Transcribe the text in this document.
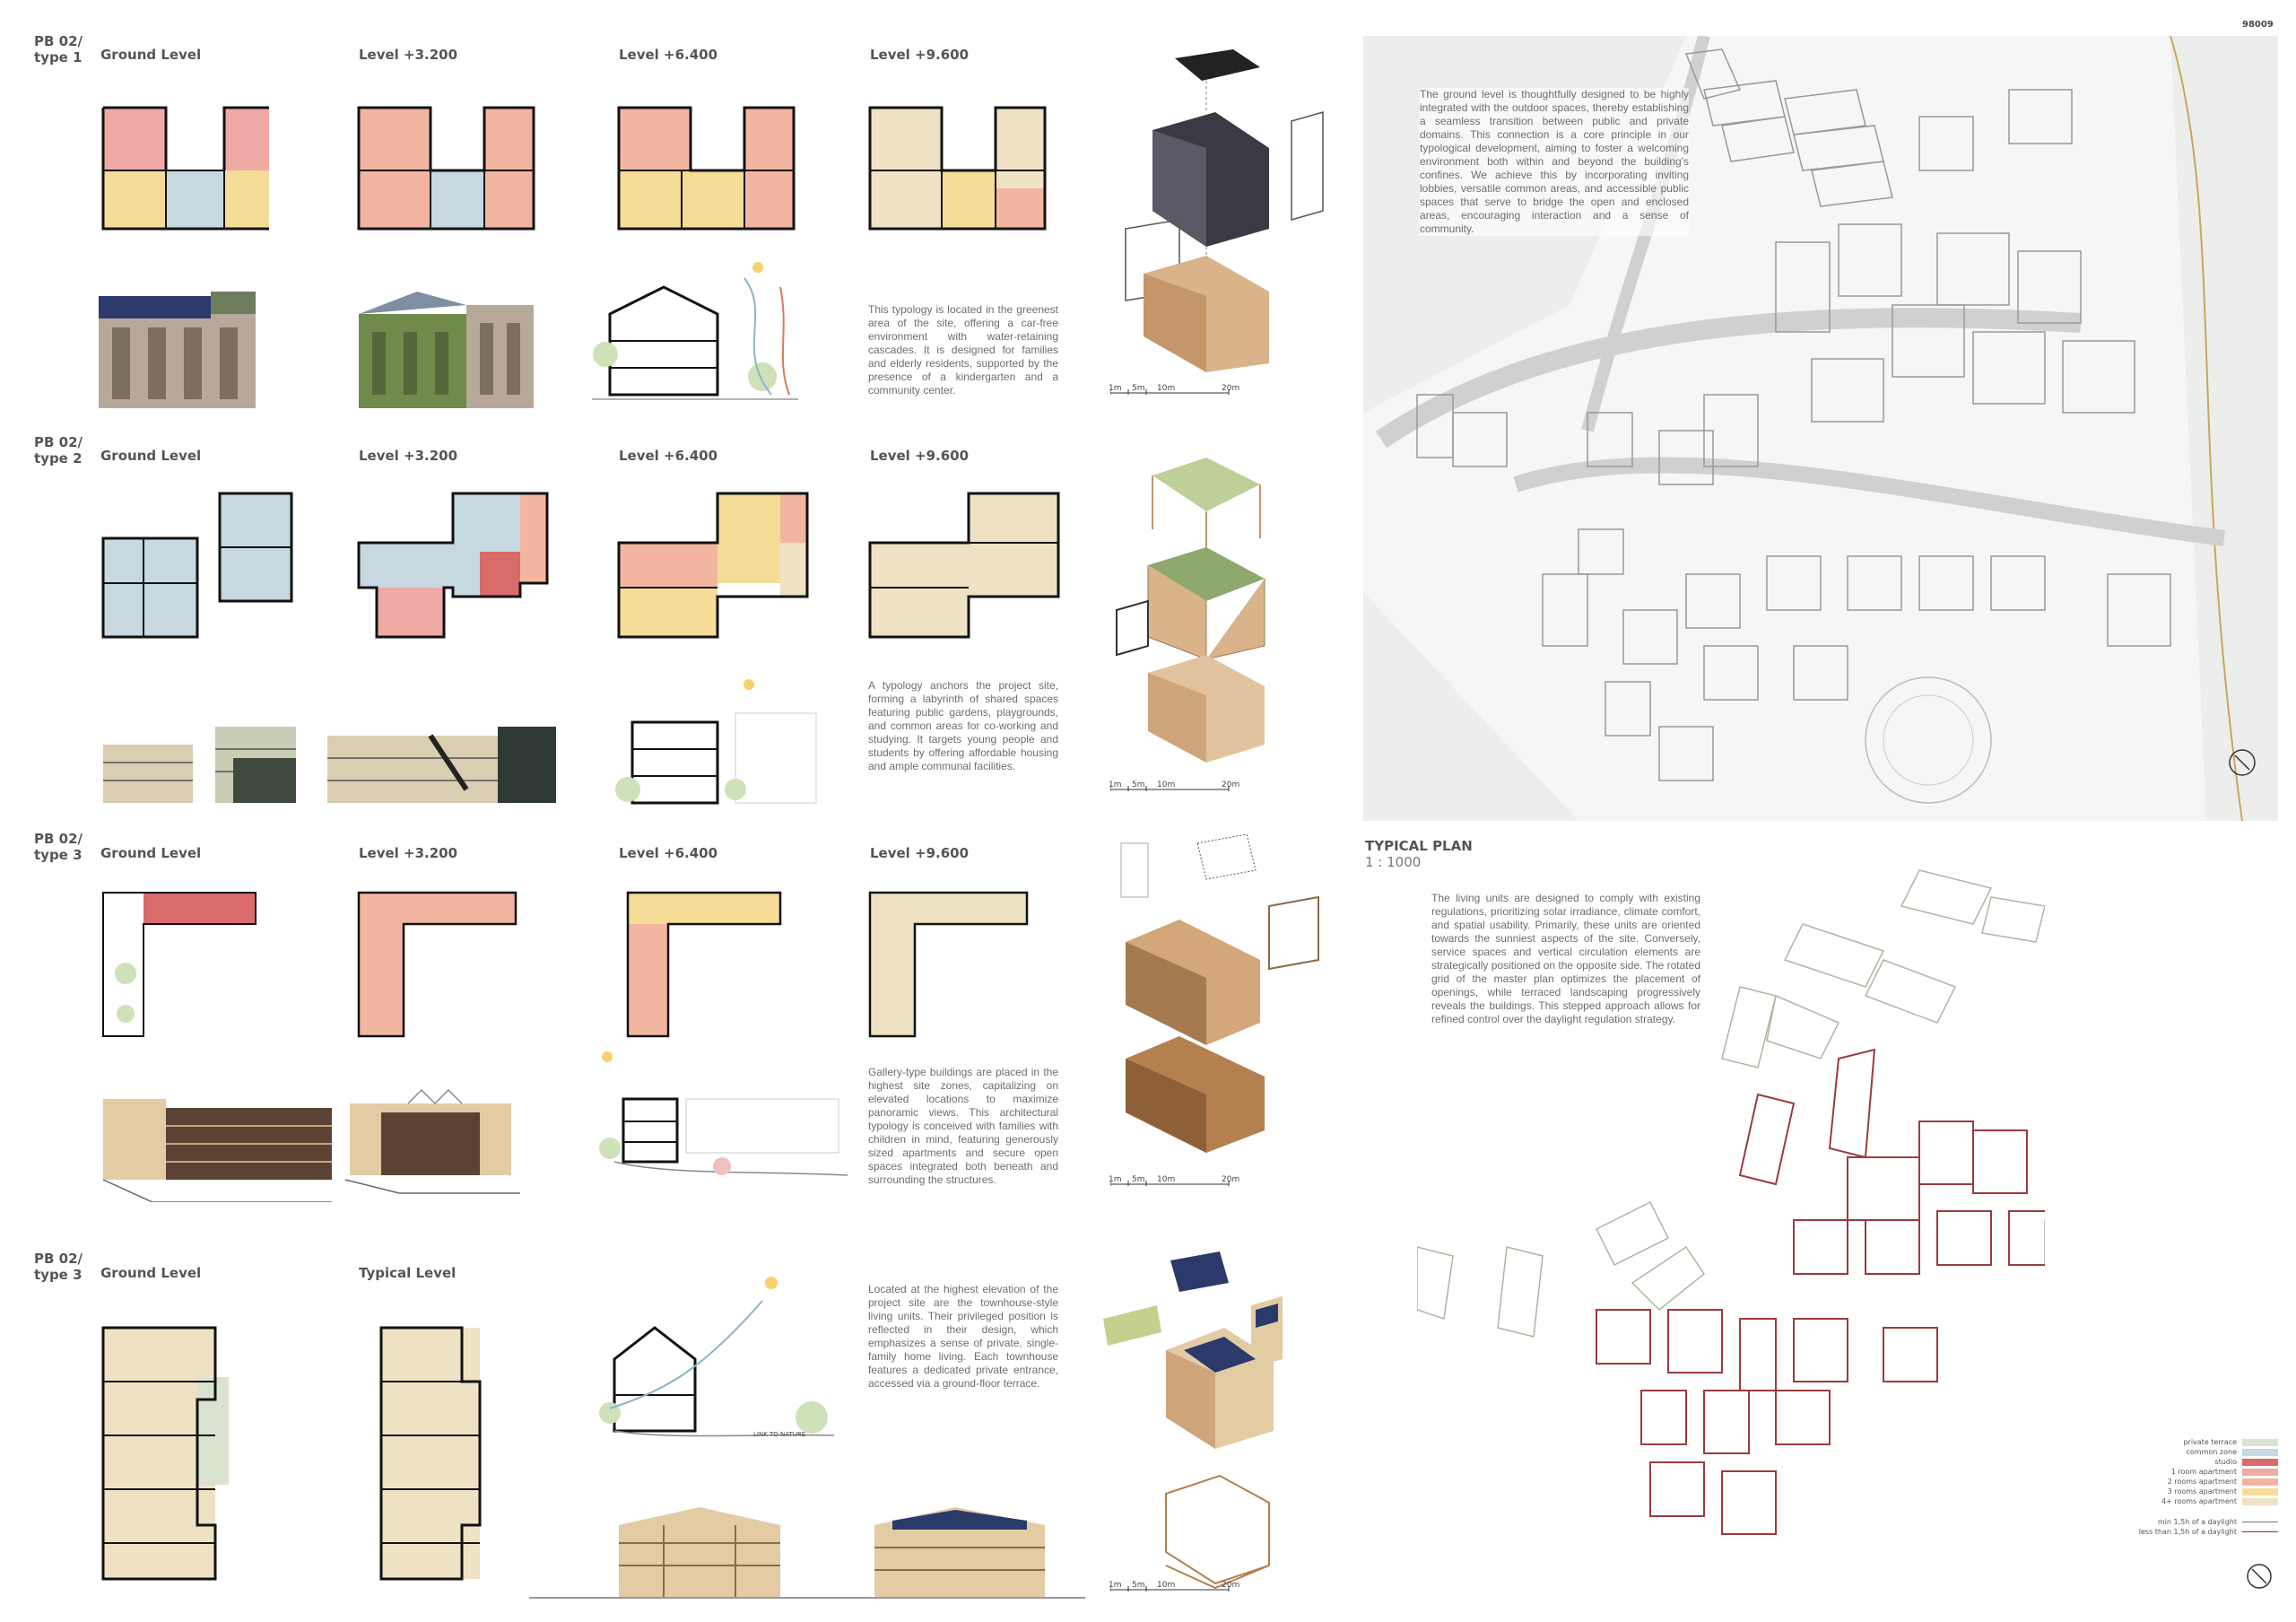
98009
PB 02/
type 1 Ground Level	Level +3.200	Level +6.400	Level +9.600
This typology is located in the greenest area of the site, offering a car-free environment with water-retaining cascades. It is designed for families and elderly residents, supported by the presence of a kindergarten and a community center.	1m 5m 10m	20m
PB 02/
type 2 Ground Level	Level +3.200	Level +6.400	Level +9.600
A typology anchors the project site, forming a labyrinth of shared spaces featuring public gardens, playgrounds, and common areas for co-working and studying. It targets young people and students by offering affordable housing and ample communal facilities.
1m 5m 10m	20m
PB 02/
type 3 Ground Level	Level +3.200	Level +6.400	Level +9.600
Gallery-type buildings are placed in the highest site zones, capitalizing on elevated locations to maximize panoramic views. This architectural typology is conceived with families with children in mind, featuring generously sized apartments and secure open spaces integrated both beneath and surrounding the structures.	1m 5m 10m	20m
PB 02/
type 3 Ground Level	Typical Level
LINK TO NATURE
Located at the highest elevation of the project site are the townhouse-style living units. Their privileged position is reflected in their design, which emphasizes a sense of private, single-family home living. Each townhouse features a dedicated private entrance, accessed via a ground-floor terrace.
1m 5m 10m	20m
The ground level is thoughtfully designed to be highly integrated with the outdoor spaces, thereby establishing a seamless transition between public and private domains. This connection is a core principle in our typological development, aiming to foster a welcoming environment both within and beyond the building's confines. We achieve this by incorporating inviting lobbies, versatile common areas, and accessible public spaces that serve to bridge the open and enclosed areas, encouraging interaction and a sense of community.
TYPICAL PLAN
1 : 1000
The living units are designed to comply with existing regulations, prioritizing solar irradiance, climate comfort, and spatial usability. Primarily, these units are oriented towards the sunniest aspects of the site. Conversely, service spaces and vertical circulation elements are strategically positioned on the opposite side. The rotated grid of the master plan optimizes the placement of openings, while terraced landscaping progressively reveals the buildings. This stepped approach allows for refined control over the daylight regulation strategy.
private terrace
common zone
studio
1 room apartment
2 rooms apartment
3 rooms apartment
4+ rooms apartment
min 1,5h of a daylight
less than 1,5h of a daylight
